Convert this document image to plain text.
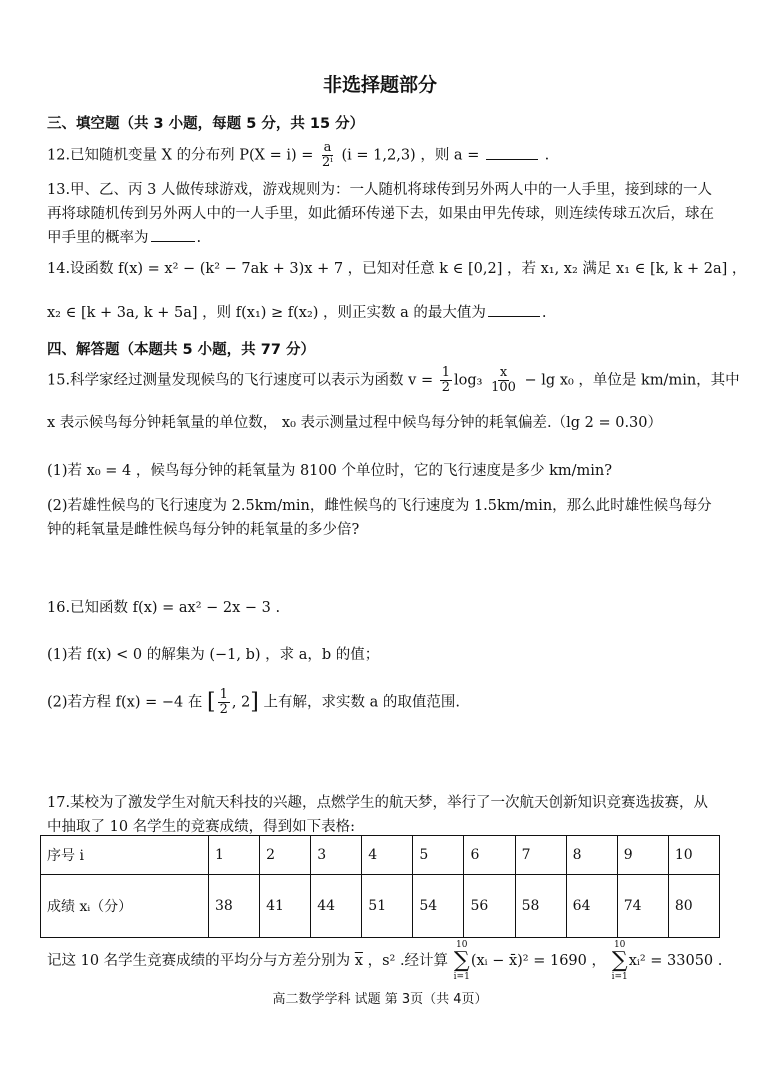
非选择题部分
三、填空题（共 3 小题，每题 5 分，共 15 分）
12.已知随机变量 X 的分布列 $P(X = i) = \frac{a}{\text{2ⁱ}} (i = 1,2,3)$ ，则 a =	.
13.甲、乙、丙 3 人做传球游戏，游戏规则为：一人随机将球传到另外两人中的一人手里，接到球的一人再将球随机传到另外两人中的一人手里，如此循环传递下去，如果由甲先传球，则连续传球五次后，球在甲手里的概率为	.
14.设函数 f(x) = x² − (k² − 7ak + 3)x + 7 ，已知对任意 k ∈ [0,2] ，若 x₁, x₂ 满足 x₁ ∈ [k, k + 2a] ，
x₂ ∈ [k + 3a, k + 5a] ，则 f(x₁) ≥ f(x₂) ，则正实数 a 的最大值为	.
四、解答题（本题共 5 小题，共 77 分）
15.科学家经过测量发现候鸟的飞行速度可以表示为函数 $v = \frac{1}{2} \log_3 \frac{x}{100} - \lg x_0$ ，单位是 km/min，其中
x 表示候鸟每分钟耗氧量的单位数， x₀ 表示测量过程中候鸟每分钟的耗氧偏差.（lg 2 = 0.30）
(1)若 x₀ = 4 ，候鸟每分钟的耗氧量为 8100 个单位时，它的飞行速度是多少 km/min?
(2)若雄性候鸟的飞行速度为 2.5km/min，雌性候鸟的飞行速度为 1.5km/min，那么此时雄性候鸟每分钟的耗氧量是雌性候鸟每分钟的耗氧量的多少倍?
16.已知函数 f(x) = ax² − 2x − 3 .
(1)若 f(x) < 0 的解集为 (−1, b) ，求 a，b 的值；
(2)若方程 f(x) = −4 在 [ $\frac{1}{2}$ , 2] 上有解，求实数 a 的取值范围.
17.某校为了激发学生对航天科技的兴趣，点燃学生的航天梦，举行了一次航天创新知识竞赛选拔赛，从中抽取了 10 名学生的竞赛成绩，得到如下表格:
序号 i	1	2	3	4	5	6	7	8	9	10
成绩 xᵢ（分）	38	41	44	51	54	56	58	64	74	80
记这 10 名学生竞赛成绩的平均分与方差分别为 $\overline{x}$ ，s² .经计算
10
∑
i=1
(xᵢ − x̄)² = 1690 ，
10
∑
i=1
xᵢ² = 33050 .
高二数学学科 试题 第 3页（共 4页）
